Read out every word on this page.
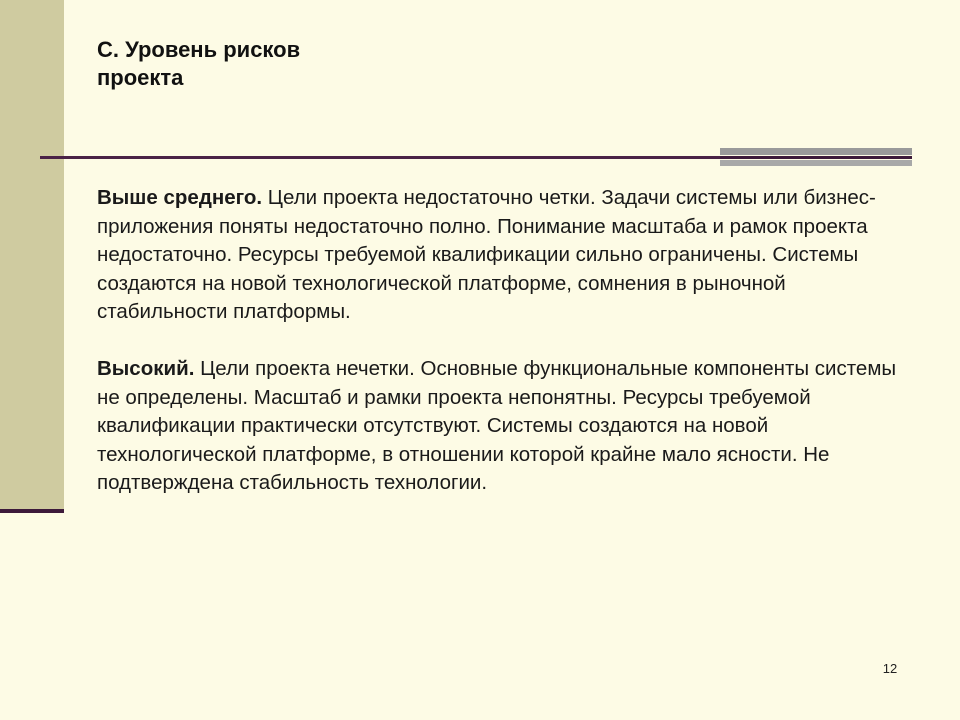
С. Уровень рисков
проекта

Выше среднего. Цели проекта недостаточно четки. Задачи системы или бизнес-приложения поняты недостаточно полно. Понимание масштаба и рамок проекта недостаточно. Ресурсы требуемой квалификации сильно ограничены. Системы создаются на новой технологической платформе, сомнения в рыночной стабильности платформы.

Высокий. Цели проекта нечетки. Основные функциональные компоненты системы не определены. Масштаб и рамки проекта непонятны. Ресурсы требуемой квалификации практически отсутствуют. Системы создаются на новой технологической платформе, в отношении которой крайне мало ясности. Не подтверждена стабильность технологии.

12
